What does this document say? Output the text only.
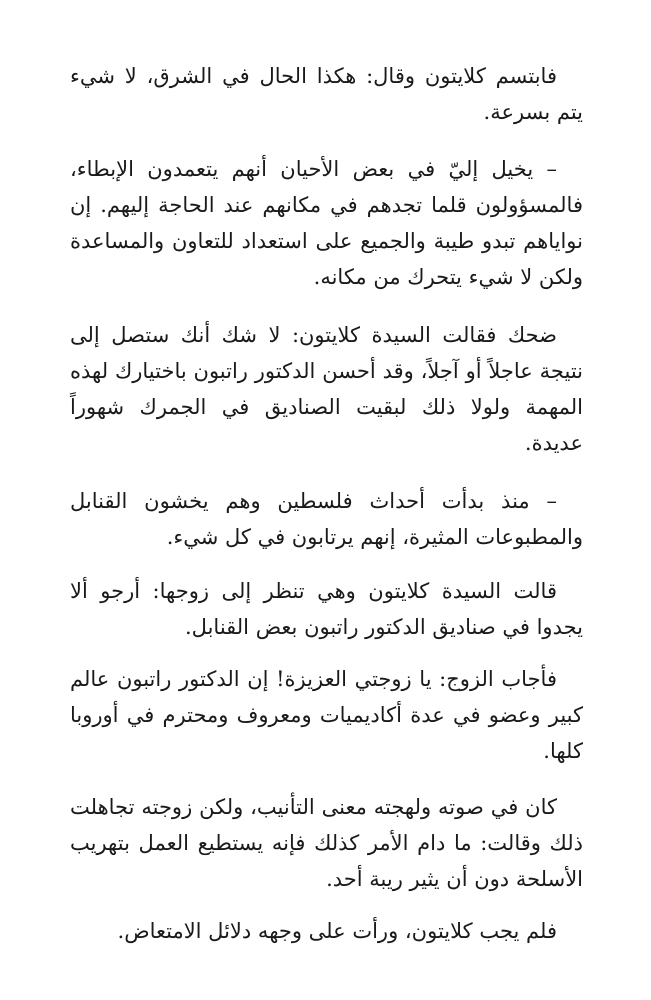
فابتسم كلايتون وقال: هكذا الحال في الشرق، لا شيء يتم بسرعة.

– يخيل إليّ في بعض الأحيان أنهم يتعمدون الإبطاء، فالمسؤولون قلما تجدهم في مكانهم عند الحاجة إليهم. إن نواياهم تبدو طيبة والجميع على استعداد للتعاون والمساعدة ولكن لا شيء يتحرك من مكانه.

ضحك فقالت السيدة كلايتون: لا شك أنك ستصل إلى نتيجة عاجلاً أو آجلاً، وقد أحسن الدكتور راتبون باختيارك لهذه المهمة ولولا ذلك لبقيت الصناديق في الجمرك شهوراً عديدة.

– منذ بدأت أحداث فلسطين وهم يخشون القنابل والمطبوعات المثيرة، إنهم يرتابون في كل شيء.

قالت السيدة كلايتون وهي تنظر إلى زوجها: أرجو ألا يجدوا في صناديق الدكتور راتبون بعض القنابل.

فأجاب الزوج: يا زوجتي العزيزة! إن الدكتور راتبون عالم كبير وعضو في عدة أكاديميات ومعروف ومحترم في أوروبا كلها.

كان في صوته ولهجته معنى التأنيب، ولكن زوجته تجاهلت ذلك وقالت: ما دام الأمر كذلك فإنه يستطيع العمل بتهريب الأسلحة دون أن يثير ريبة أحد.

فلم يجب كلايتون، ورأت على وجهه دلائل الامتعاض.
